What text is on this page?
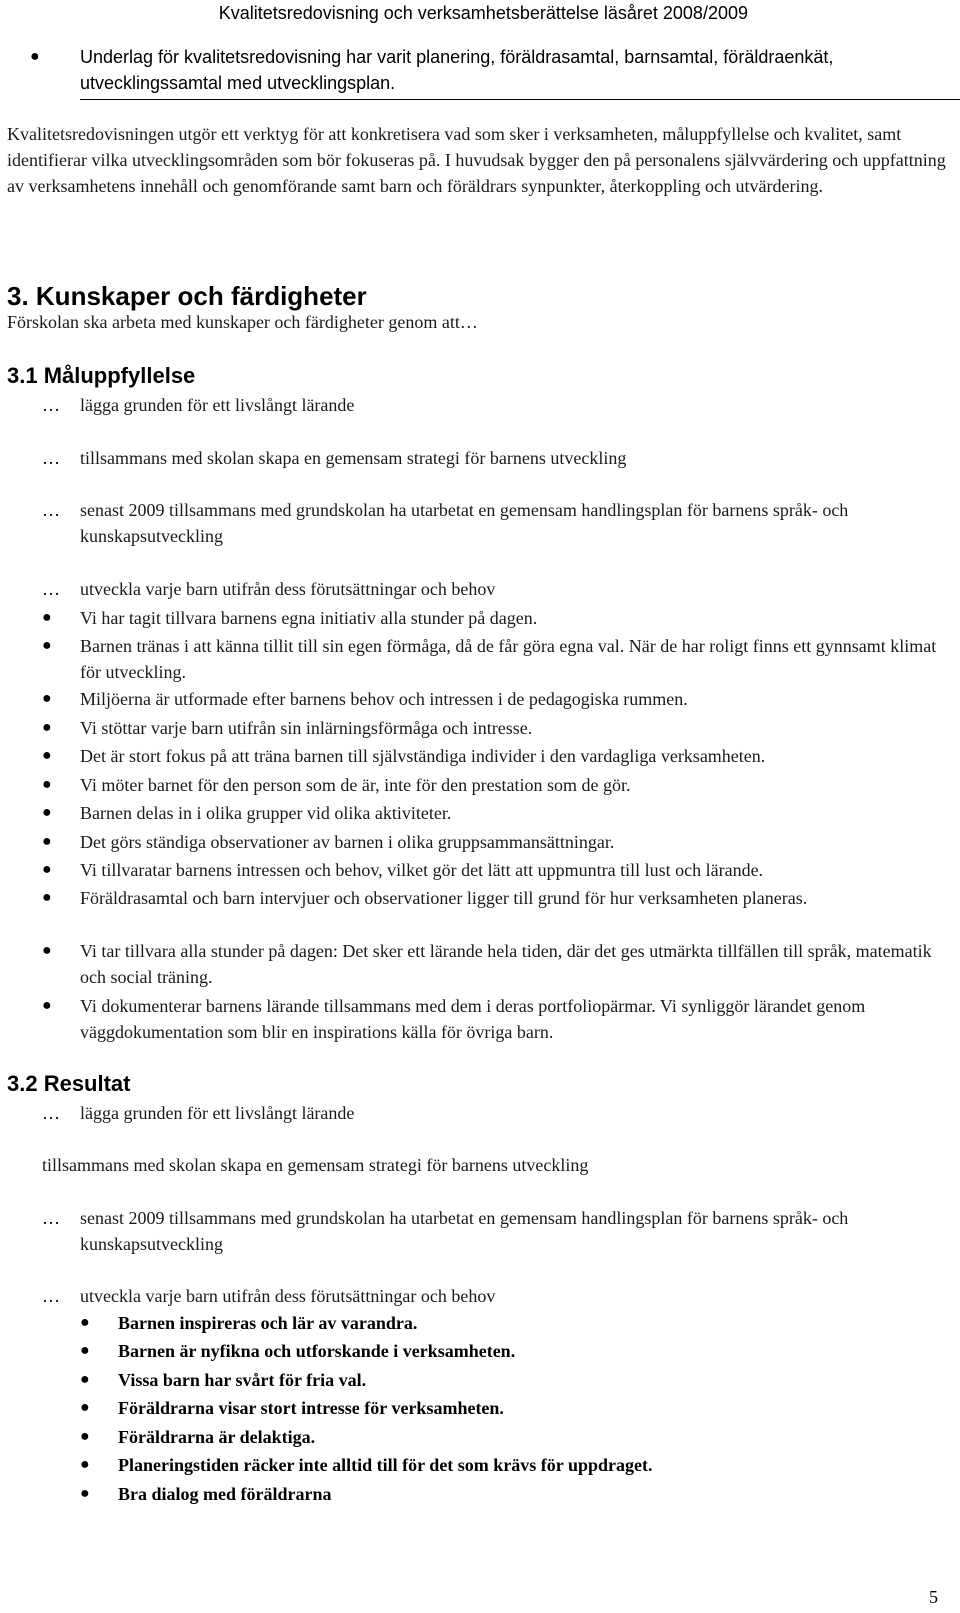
Kvalitetsredovisning och verksamhetsberättelse läsåret 2008/2009
● Underlag för kvalitetsredovisning har varit planering, föräldrasamtal, barnsamtal, föräldraenkät, utvecklingssamtal med utvecklingsplan.
Kvalitetsredovisningen utgör ett verktyg för att konkretisera vad som sker i verksamheten, måluppfyllelse och kvalitet, samt identifierar vilka utvecklingsområden som bör fokuseras på. I huvudsak bygger den på personalens självvärdering och uppfattning av verksamhetens innehåll och genomförande samt barn och föräldrars synpunkter, återkoppling och utvärdering.
3. Kunskaper och färdigheter
Förskolan ska arbeta med kunskaper och färdigheter genom att…
3.1 Måluppfyllelse
… lägga grunden för ett livslångt lärande
… tillsammans med skolan skapa en gemensam strategi för barnens utveckling
… senast 2009 tillsammans med grundskolan ha utarbetat en gemensam handlingsplan för barnens språk- och kunskapsutveckling
… utveckla varje barn utifrån dess förutsättningar och behov
● Vi har tagit tillvara barnens egna initiativ alla stunder på dagen.
● Barnen tränas i att känna tillit till sin egen förmåga, då de får göra egna val. När de har roligt finns ett gynnsamt klimat för utveckling.
● Miljöerna är utformade efter barnens behov och intressen i de pedagogiska rummen.
● Vi stöttar varje barn utifrån sin inlärningsförmåga och intresse.
● Det är stort fokus på att träna barnen till självständiga individer i den vardagliga verksamheten.
● Vi möter barnet för den person som de är, inte för den prestation som de gör.
● Barnen delas in i olika grupper vid olika aktiviteter.
● Det görs ständiga observationer av barnen i olika gruppsammansättningar.
● Vi tillvaratar barnens intressen och behov, vilket gör det lätt att uppmuntra till lust och lärande.
● Föräldrasamtal och barn intervjuer och observationer ligger till grund för hur verksamheten planeras.
● Vi tar tillvara alla stunder på dagen: Det sker ett lärande hela tiden, där det ges utmärkta tillfällen till språk, matematik och social träning.
● Vi dokumenterar barnens lärande tillsammans med dem i deras portfoliopärmar. Vi synliggör lärandet genom väggdokumentation som blir en inspirations källa för övriga barn.
3.2 Resultat
… lägga grunden för ett livslångt lärande
tillsammans med skolan skapa en gemensam strategi för barnens utveckling
… senast 2009 tillsammans med grundskolan ha utarbetat en gemensam handlingsplan för barnens språk- och kunskapsutveckling
… utveckla varje barn utifrån dess förutsättningar och behov
● Barnen inspireras och lär av varandra.
● Barnen är nyfikna och utforskande i verksamheten.
● Vissa barn har svårt för fria val.
● Föräldrarna visar stort intresse för verksamheten.
● Föräldrarna är delaktiga.
● Planeringstiden räcker inte alltid till för det som krävs för uppdraget.
● Bra dialog med föräldrarna
5
